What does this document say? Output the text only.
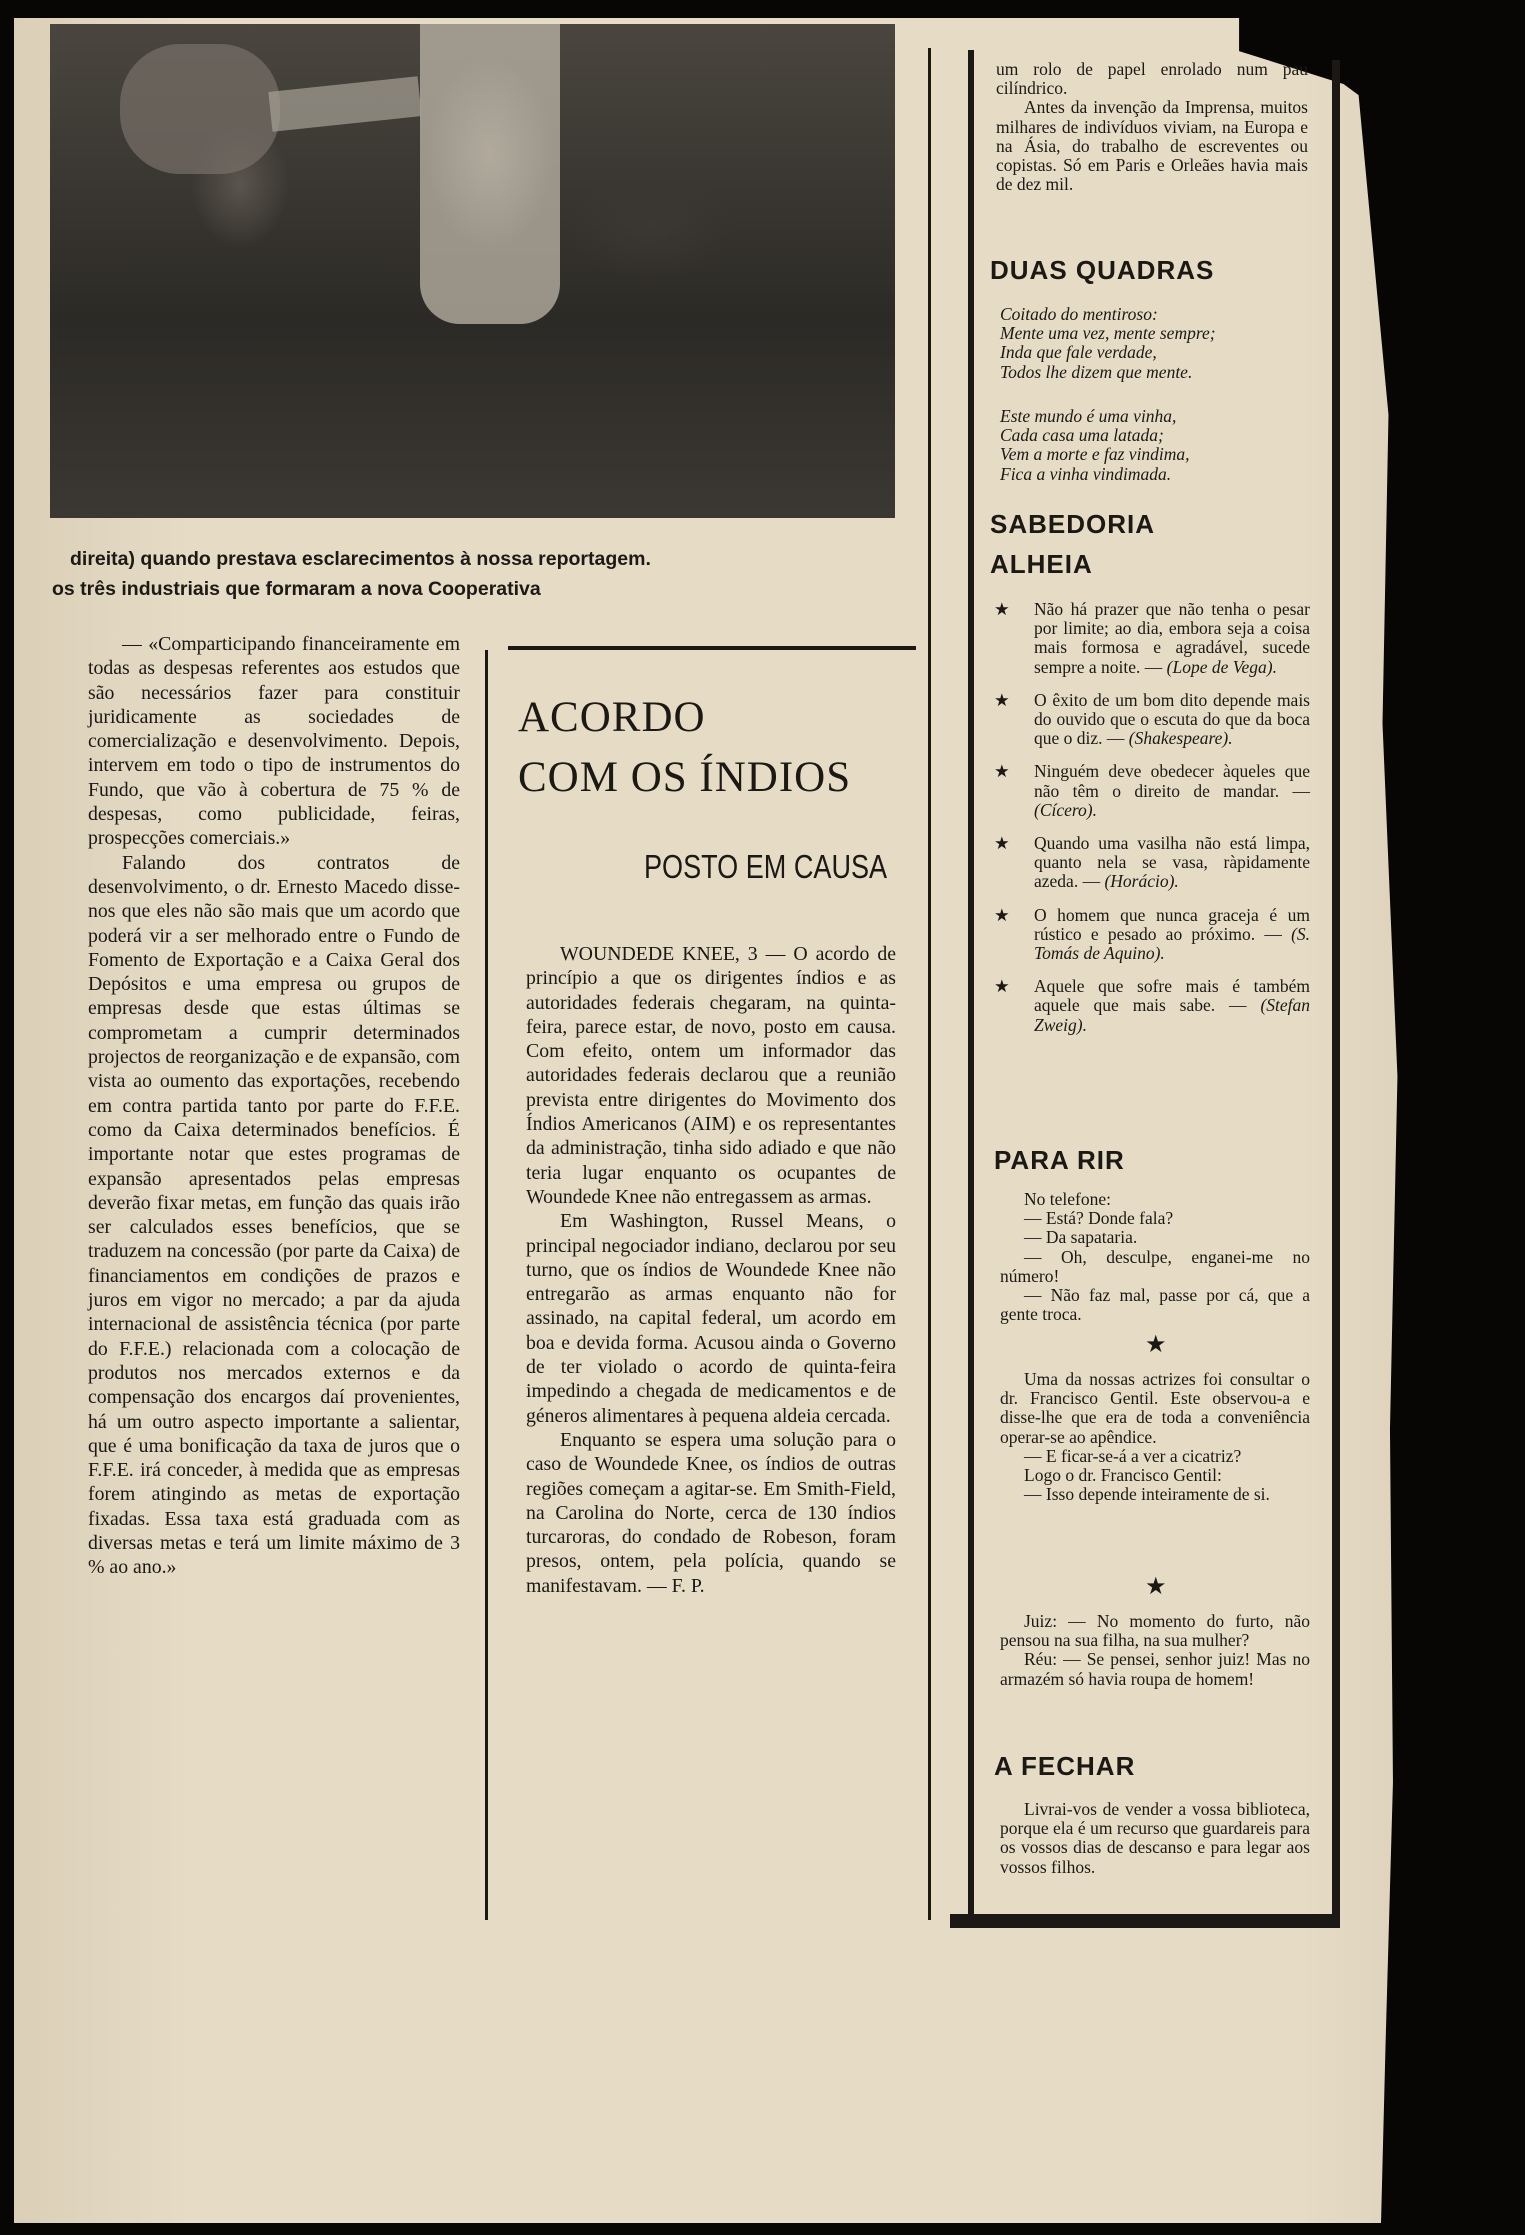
direita) quando prestava esclarecimentos à nossa reportagem.
os três industriais que formaram a nova Cooperativa

— «Comparticipando financeiramente em todas as despesas referentes aos estudos que são necessários fazer para constituir juridicamente as sociedades de comercialização e desenvolvimento. Depois, intervem em todo o tipo de instrumentos do Fundo, que vão à cobertura de 75 % de despesas, como publicidade, feiras, prospecções comerciais.»

Falando dos contratos de desenvolvimento, o dr. Ernesto Macedo disse-nos que eles não são mais que um acordo que poderá vir a ser melhorado entre o Fundo de Fomento de Exportação e a Caixa Geral dos Depósitos e uma empresa ou grupos de empresas desde que estas últimas se comprometam a cumprir determinados projectos de reorganização e de expansão, com vista ao oumento das exportações, recebendo em contra partida tanto por parte do F.F.E. como da Caixa determinados benefícios. É importante notar que estes programas de expansão apresentados pelas empresas deverão fixar metas, em função das quais irão ser calculados esses benefícios, que se traduzem na concessão (por parte da Caixa) de financiamentos em condições de prazos e juros em vigor no mercado; a par da ajuda internacional de assistência técnica (por parte do F.F.E.) relacionada com a colocação de produtos nos mercados externos e da compensação dos encargos daí provenientes, há um outro aspecto importante a salientar, que é uma bonificação da taxa de juros que o F.F.E. irá conceder, à medida que as empresas forem atingindo as metas de exportação fixadas. Essa taxa está graduada com as diversas metas e terá um limite máximo de 3 % ao ano.»

ACORDO
COM OS ÍNDIOS
POSTO EM CAUSA

WOUNDEDE KNEE, 3 — O acordo de princípio a que os dirigentes índios e as autoridades federais chegaram, na quinta-feira, parece estar, de novo, posto em causa. Com efeito, ontem um informador das autoridades federais declarou que a reunião prevista entre dirigentes do Movimento dos Índios Americanos (AIM) e os representantes da administração, tinha sido adiado e que não teria lugar enquanto os ocupantes de Woundede Knee não entregassem as armas.

Em Washington, Russel Means, o principal negociador indiano, declarou por seu turno, que os índios de Woundede Knee não entregarão as armas enquanto não for assinado, na capital federal, um acordo em boa e devida forma. Acusou ainda o Governo de ter violado o acordo de quinta-feira impedindo a chegada de medicamentos e de géneros alimentares à pequena aldeia cercada.

Enquanto se espera uma solução para o caso de Woundede Knee, os índios de outras regiões começam a agitar-se. Em Smith-Field, na Carolina do Norte, cerca de 130 índios turcaroras, do condado de Robeson, foram presos, ontem, pela polícia, quando se manifestavam. — F. P.

um rolo de papel enrolado num pau cilíndrico.

Antes da invenção da Imprensa, muitos milhares de indivíduos viviam, na Europa e na Ásia, do trabalho de escreventes ou copistas. Só em Paris e Orleães havia mais de dez mil.

DUAS QUADRAS

Coitado do mentiroso:

Mente uma vez, mente sempre;

Inda que fale verdade,

Todos lhe dizem que mente.

Este mundo é uma vinha,

Cada casa uma latada;

Vem a morte e faz vindima,

Fica a vinha vindimada.

SABEDORIA
ALHEIA

★ Não há prazer que não tenha o pesar por limite; ao dia, embora seja a coisa mais formosa e agradável, sucede sempre a noite. — (Lope de Vega).

★ O êxito de um bom dito depende mais do ouvido que o escuta do que da boca que o diz. — (Shakespeare).

★ Ninguém deve obedecer àqueles que não têm o direito de mandar. — (Cícero).

★ Quando uma vasilha não está limpa, quanto nela se vasa, ràpidamente azeda. — (Horácio).

★ O homem que nunca graceja é um rústico e pesado ao próximo. — (S. Tomás de Aquino).

★ Aquele que sofre mais é também aquele que mais sabe. — (Stefan Zweig).

PARA RIR

No telefone:

— Está? Donde fala?

— Da sapataria.

— Oh, desculpe, enganei-me no número!

— Não faz mal, passe por cá, que a gente troca.

★

Uma da nossas actrizes foi consultar o dr. Francisco Gentil. Este observou-a e disse-lhe que era de toda a conveniência operar-se ao apêndice.

— E ficar-se-á a ver a cicatriz?

Logo o dr. Francisco Gentil:

— Isso depende inteiramente de si.

★

Juiz: — No momento do furto, não pensou na sua filha, na sua mulher?

Réu: — Se pensei, senhor juiz! Mas no armazém só havia roupa de homem!

A FECHAR

Livrai-vos de vender a vossa biblioteca, porque ela é um recurso que guardareis para os vossos dias de descanso e para legar aos vossos filhos.
